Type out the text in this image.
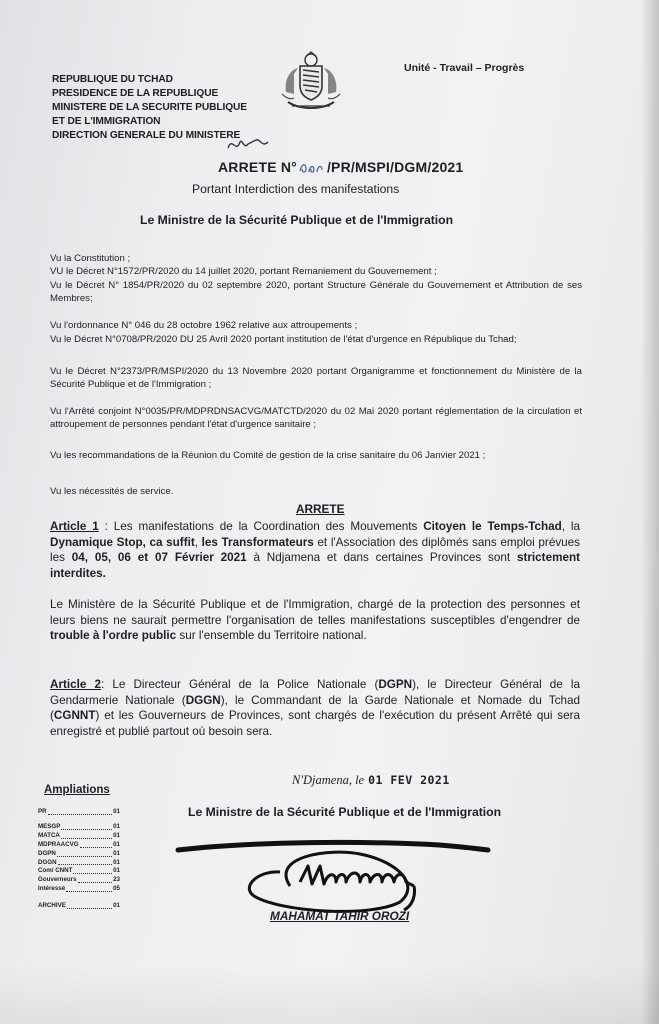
REPUBLIQUE DU TCHAD
PRESIDENCE DE LA REPUBLIQUE
MINISTERE DE LA SECURITE PUBLIQUE
ET DE L'IMMIGRATION
DIRECTION GENERALE DU MINISTERE
Unité - Travail – Progrès
ARRETE N° /PR/MSPI/DGM/2021
Portant Interdiction des manifestations
Le Ministre de la Sécurité Publique et de l'Immigration
Vu la Constitution ;
VU le Décret N°1572/PR/2020 du 14 juillet 2020, portant Remaniement du Gouvernement ;
Vu le Décret N° 1854/PR/2020 du 02 septembre 2020, portant Structure Générale du Gouvernement et Attribution de ses Membres;
Vu l'ordonnance N° 046 du 28 octobre 1962 relative aux attroupements ;
Vu le Décret N°0708/PR/2020 DU 25 Avril 2020 portant institution de l'état d'urgence en République du Tchad;
Vu le Décret N°2373/PR/MSPI/2020 du 13 Novembre 2020 portant Organigramme et fonctionnement du Ministère de la Sécurité Publique et de l'Immigration ;
Vu l'Arrêté conjoint N°0035/PR/MDPRDNSACVG/MATCTD/2020 du 02 Mai 2020 portant réglementation de la circulation et attroupement de personnes pendant l'état d'urgence sanitaire ;
Vu les recommandations de la Réunion du Comité de gestion de la crise sanitaire du 06 Janvier 2021 ;
Vu les nécessités de service.
ARRETE
Article 1 : Les manifestations de la Coordination des Mouvements Citoyen le Temps-Tchad, la Dynamique Stop, ca suffit, les Transformateurs et l'Association des diplômés sans emploi prévues les 04, 05, 06 et 07 Février 2021 à Ndjamena et dans certaines Provinces sont strictement interdites.
Le Ministère de la Sécurité Publique et de l'Immigration, chargé de la protection des personnes et leurs biens ne saurait permettre l'organisation de telles manifestations susceptibles d'engendrer de trouble à l'ordre public sur l'ensemble du Territoire national.
Article 2: Le Directeur Général de la Police Nationale (DGPN), le Directeur Général de la Gendarmerie Nationale (DGGN), le Commandant de la Garde Nationale et Nomade du Tchad (CGNNT) et les Gouverneurs de Provinces, sont chargés de l'exécution du présent Arrêté qui sera enregistré et publié partout où besoin sera.
N'Djamena, le 01 FEV 2021
Ampliations
PR	01
MESGP	01
MATCA	01
MDPRAACVG	01
DGPN	01
DGGN	01
Com/ CNNT	01
Gouverneurs	23
Intéressé	05
ARCHIVE	01
Le Ministre de la Sécurité Publique et de l'Immigration
MAHAMAT TAHIR OROZI
